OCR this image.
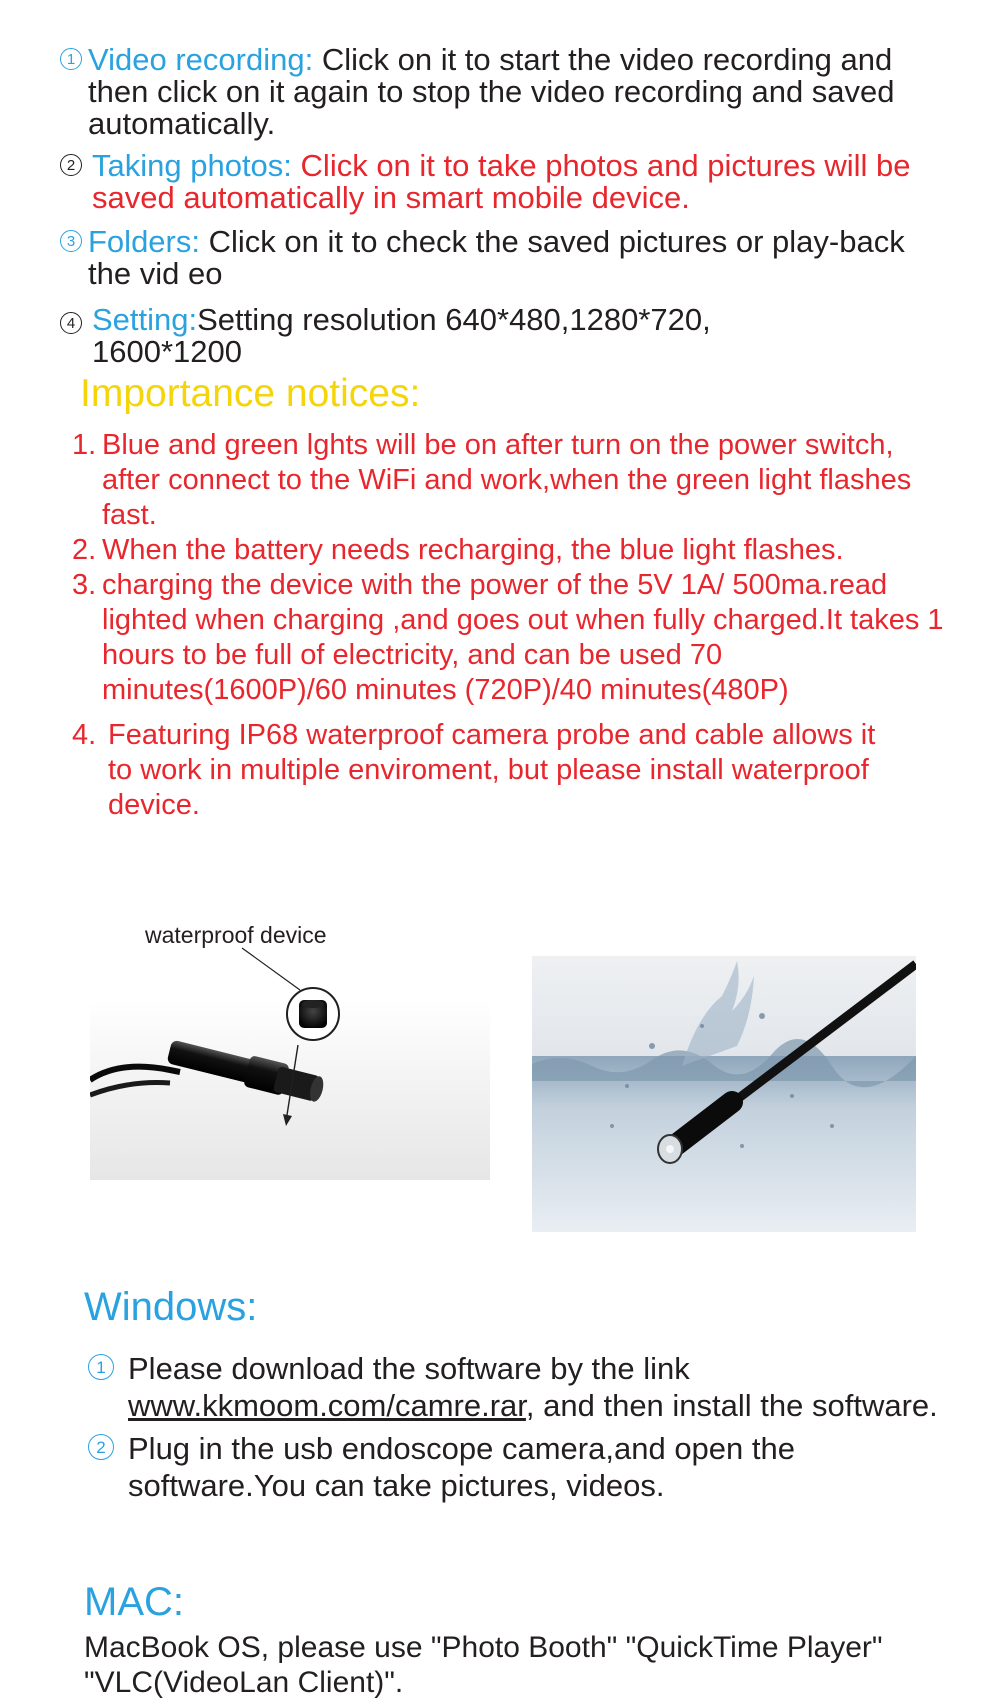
1 Video recording: Click on it to start the video recording and then click on it again to stop the video recording and saved automatically.

2 Taking photos: Click on it to take photos and pictures will be saved automatically in smart mobile device.

3 Folders: Click on it to check the saved pictures or play-back the vid eo

4 Setting:Setting resolution 640*480,1280*720, 1600*1200

Importance notices:
1. Blue and green lghts will be on after turn on the power switch, after connect to the WiFi and work,when the green light flashes fast.

2. When the battery needs recharging, the blue light flashes.

3. charging the device with the power of the 5V 1A/ 500ma.read lighted when charging ,and goes out when fully charged.It takes 1 hours to be full of electricity, and can be used 70 minutes(1600P)/60 minutes (720P)/40 minutes(480P)

4. Featuring IP68 waterproof camera probe and cable allows it to work in multiple enviroment, but please install waterproof device.

waterproof device
Windows:
1 Please download the software by the link
www.kkmoom.com/camre.rar, and then install the software.

2 Plug in the usb endoscope camera,and open the software.You can take pictures, videos.

MAC:

MacBook OS, please use "Photo Booth" "QuickTime Player" "VLC(VideoLan Client)".
